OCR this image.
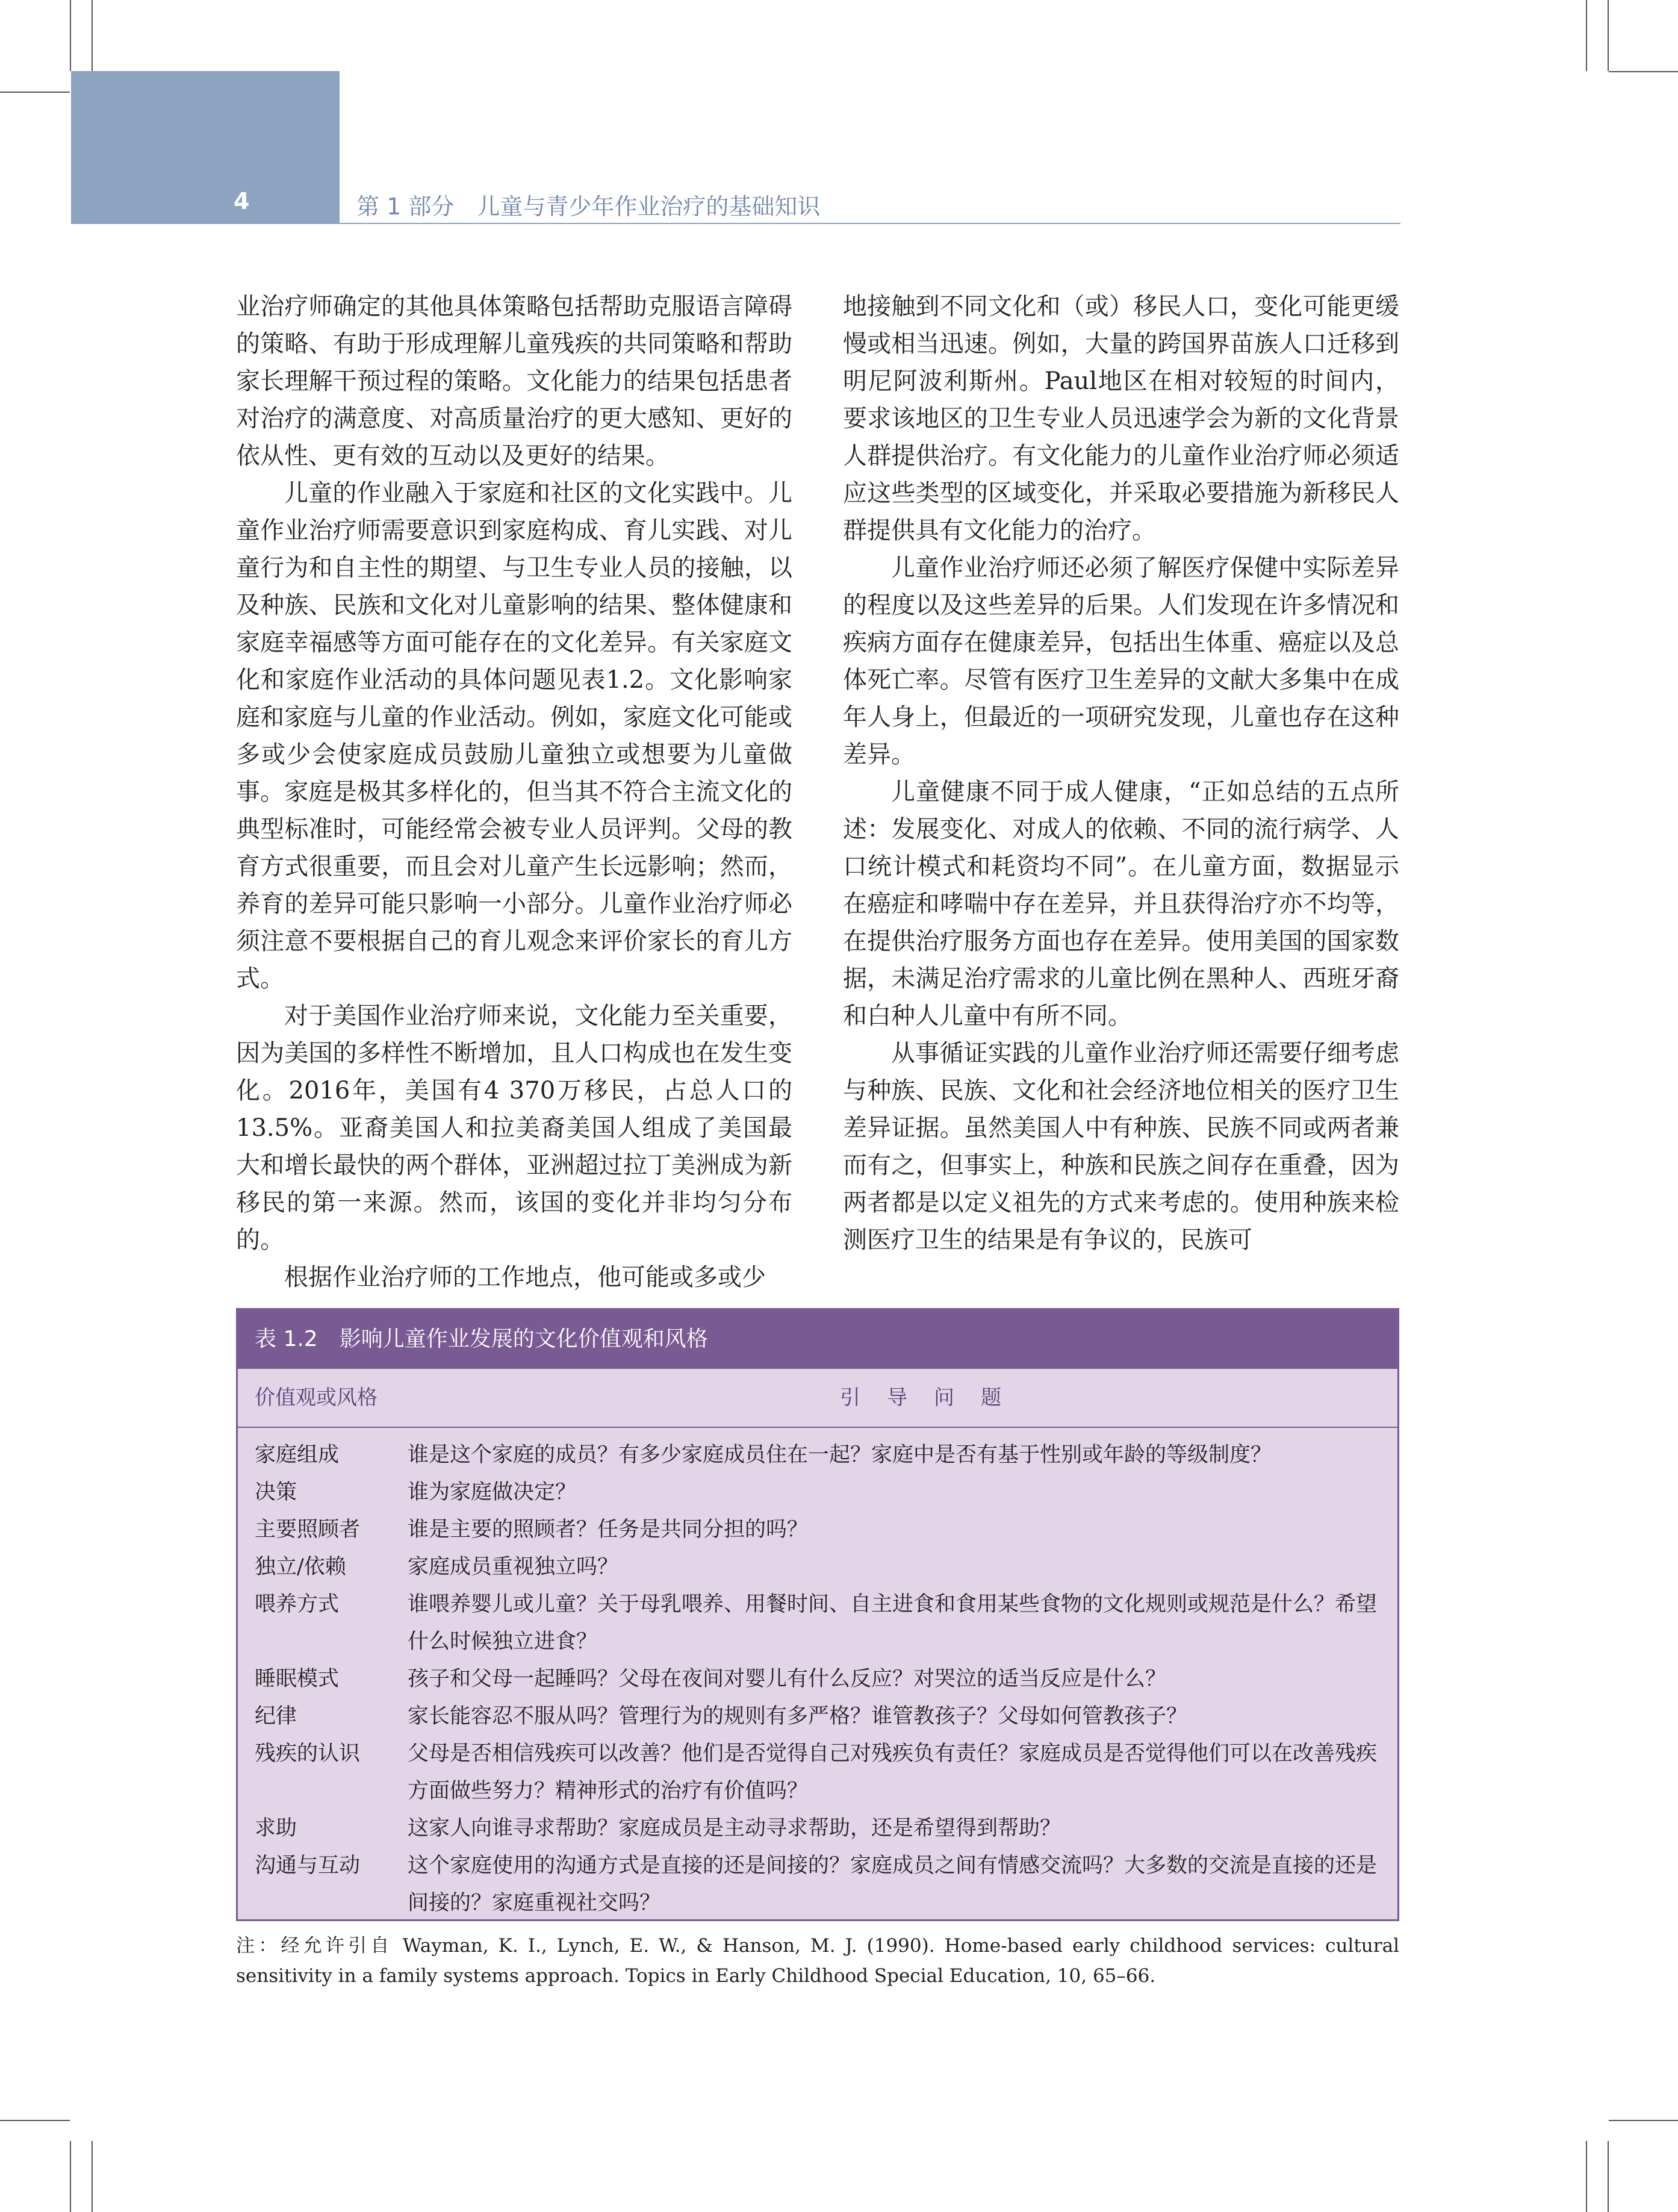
4	第 1 部分　儿童与青少年作业治疗的基础知识

业治疗师确定的其他具体策略包括帮助克服语言障碍的策略、有助于形成理解儿童残疾的共同策略和帮助家长理解干预过程的策略。文化能力的结果包括患者对治疗的满意度、对高质量治疗的更大感知、更好的依从性、更有效的互动以及更好的结果。

儿童的作业融入于家庭和社区的文化实践中。儿童作业治疗师需要意识到家庭构成、育儿实践、对儿童行为和自主性的期望、与卫生专业人员的接触，以及种族、民族和文化对儿童影响的结果、整体健康和家庭幸福感等方面可能存在的文化差异。有关家庭文化和家庭作业活动的具体问题见表1.2。文化影响家庭和家庭与儿童的作业活动。例如，家庭文化可能或多或少会使家庭成员鼓励儿童独立或想要为儿童做事。家庭是极其多样化的，但当其不符合主流文化的典型标准时，可能经常会被专业人员评判。父母的教育方式很重要，而且会对儿童产生长远影响；然而，养育的差异可能只影响一小部分。儿童作业治疗师必须注意不要根据自己的育儿观念来评价家长的育儿方式。

对于美国作业治疗师来说，文化能力至关重要，因为美国的多样性不断增加，且人口构成也在发生变化。2016年，美国有4 370万移民，占总人口的13.5%。亚裔美国人和拉美裔美国人组成了美国最大和增长最快的两个群体，亚洲超过拉丁美洲成为新移民的第一来源。然而，该国的变化并非均匀分布的。

根据作业治疗师的工作地点，他可能或多或少

地接触到不同文化和（或）移民人口，变化可能更缓慢或相当迅速。例如，大量的跨国界苗族人口迁移到明尼阿波利斯州。Paul地区在相对较短的时间内，要求该地区的卫生专业人员迅速学会为新的文化背景人群提供治疗。有文化能力的儿童作业治疗师必须适应这些类型的区域变化，并采取必要措施为新移民人群提供具有文化能力的治疗。

儿童作业治疗师还必须了解医疗保健中实际差异的程度以及这些差异的后果。人们发现在许多情况和疾病方面存在健康差异，包括出生体重、癌症以及总体死亡率。尽管有医疗卫生差异的文献大多集中在成年人身上，但最近的一项研究发现，儿童也存在这种差异。

儿童健康不同于成人健康，“正如总结的五点所述：发展变化、对成人的依赖、不同的流行病学、人口统计模式和耗资均不同”。在儿童方面，数据显示在癌症和哮喘中存在差异，并且获得治疗亦不均等，在提供治疗服务方面也存在差异。使用美国的国家数据，未满足治疗需求的儿童比例在黑种人、西班牙裔和白种人儿童中有所不同。

从事循证实践的儿童作业治疗师还需要仔细考虑与种族、民族、文化和社会经济地位相关的医疗卫生差异证据。虽然美国人中有种族、民族不同或两者兼而有之，但事实上，种族和民族之间存在重叠，因为两者都是以定义祖先的方式来考虑的。使用种族来检测医疗卫生的结果是有争议的，民族可

表 1.2　影响儿童作业发展的文化价值观和风格
价值观或风格	引导问题
家庭组成	谁是这个家庭的成员？有多少家庭成员住在一起？家庭中是否有基于性别或年龄的等级制度？
决策	谁为家庭做决定？
主要照顾者	谁是主要的照顾者？任务是共同分担的吗？
独立/依赖	家庭成员重视独立吗？
喂养方式	谁喂养婴儿或儿童？关于母乳喂养、用餐时间、自主进食和食用某些食物的文化规则或规范是什么？希望什么时候独立进食？
睡眠模式	孩子和父母一起睡吗？父母在夜间对婴儿有什么反应？对哭泣的适当反应是什么？
纪律	家长能容忍不服从吗？管理行为的规则有多严格？谁管教孩子？父母如何管教孩子？
残疾的认识	父母是否相信残疾可以改善？他们是否觉得自己对残疾负有责任？家庭成员是否觉得他们可以在改善残疾方面做些努力？精神形式的治疗有价值吗？
求助	这家人向谁寻求帮助？家庭成员是主动寻求帮助，还是希望得到帮助？
沟通与互动	这个家庭使用的沟通方式是直接的还是间接的？家庭成员之间有情感交流吗？大多数的交流是直接的还是间接的？家庭重视社交吗？
注：经允许引自 Wayman, K. I., Lynch, E. W., & Hanson, M. J. (1990). Home-based early childhood services: cultural sensitivity in a family systems approach. Topics in Early Childhood Special Education, 10, 65–66.
